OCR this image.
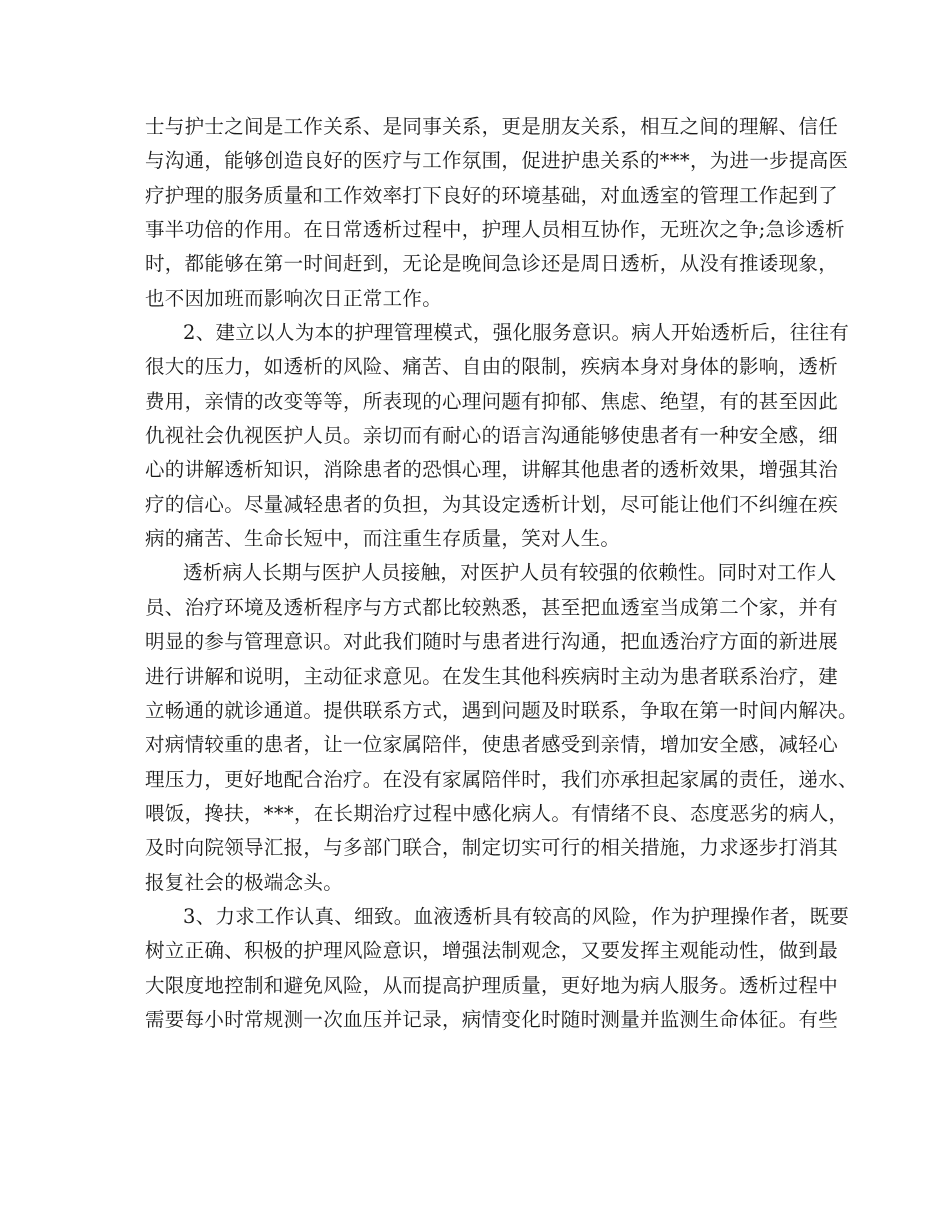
士与护士之间是工作关系、是同事关系，更是朋友关系，相互之间的理解、信任
与沟通，能够创造良好的医疗与工作氛围，促进护患关系的***，为进一步提高医
疗护理的服务质量和工作效率打下良好的环境基础，对血透室的管理工作起到了
事半功倍的作用。在日常透析过程中，护理人员相互协作，无班次之争;急诊透析
时，都能够在第一时间赶到，无论是晚间急诊还是周日透析，从没有推诿现象，
也不因加班而影响次日正常工作。
2、建立以人为本的护理管理模式，强化服务意识。病人开始透析后，往往有
很大的压力，如透析的风险、痛苦、自由的限制，疾病本身对身体的影响，透析
费用，亲情的改变等等，所表现的心理问题有抑郁、焦虑、绝望，有的甚至因此
仇视社会仇视医护人员。亲切而有耐心的语言沟通能够使患者有一种安全感，细
心的讲解透析知识，消除患者的恐惧心理，讲解其他患者的透析效果，增强其治
疗的信心。尽量减轻患者的负担，为其设定透析计划，尽可能让他们不纠缠在疾
病的痛苦、生命长短中，而注重生存质量，笑对人生。
透析病人长期与医护人员接触，对医护人员有较强的依赖性。同时对工作人
员、治疗环境及透析程序与方式都比较熟悉，甚至把血透室当成第二个家，并有
明显的参与管理意识。对此我们随时与患者进行沟通，把血透治疗方面的新进展
进行讲解和说明，主动征求意见。在发生其他科疾病时主动为患者联系治疗，建
立畅通的就诊通道。提供联系方式，遇到问题及时联系，争取在第一时间内解决。
对病情较重的患者，让一位家属陪伴，使患者感受到亲情，增加安全感，减轻心
理压力，更好地配合治疗。在没有家属陪伴时，我们亦承担起家属的责任，递水、
喂饭，搀扶，***，在长期治疗过程中感化病人。有情绪不良、态度恶劣的病人，
及时向院领导汇报，与多部门联合，制定切实可行的相关措施，力求逐步打消其
报复社会的极端念头。
3、力求工作认真、细致。血液透析具有较高的风险，作为护理操作者，既要
树立正确、积极的护理风险意识，增强法制观念，又要发挥主观能动性，做到最
大限度地控制和避免风险，从而提高护理质量，更好地为病人服务。透析过程中
需要每小时常规测一次血压并记录，病情变化时随时测量并监测生命体征。有些
